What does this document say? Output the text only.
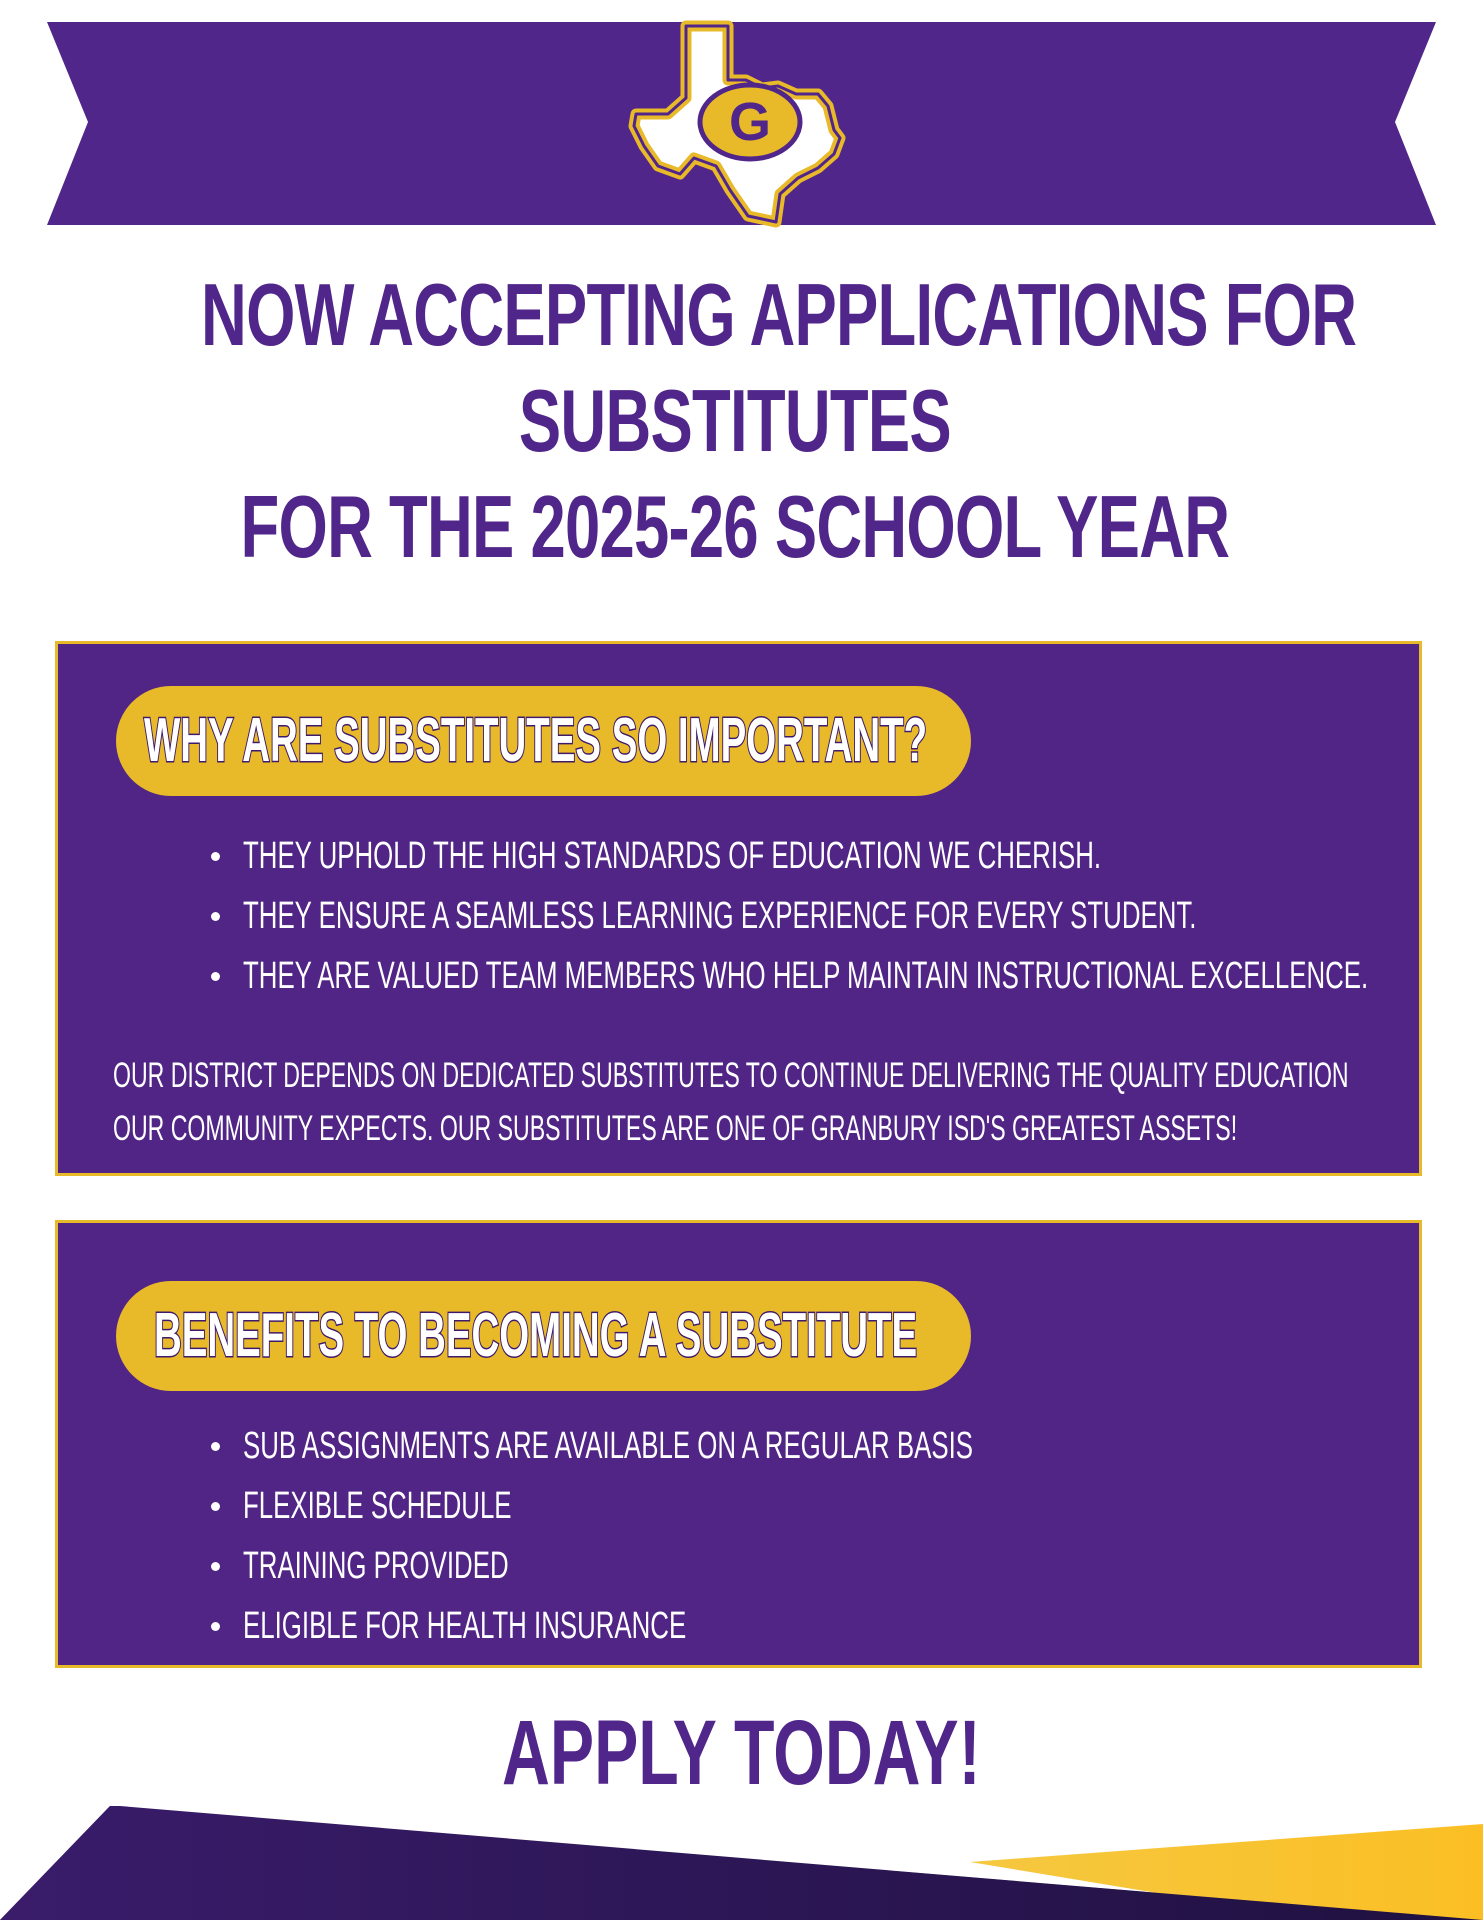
G
NOW ACCEPTING APPLICATIONS FOR
SUBSTITUTES
FOR THE 2025-26 SCHOOL YEAR
WHY ARE SUBSTITUTES SO IMPORTANT?
THEY UPHOLD THE HIGH STANDARDS OF EDUCATION WE CHERISH.
THEY ENSURE A SEAMLESS LEARNING EXPERIENCE FOR EVERY STUDENT.
THEY ARE VALUED TEAM MEMBERS WHO HELP MAINTAIN INSTRUCTIONAL EXCELLENCE.
OUR DISTRICT DEPENDS ON DEDICATED SUBSTITUTES TO CONTINUE DELIVERING THE QUALITY EDUCATION
OUR COMMUNITY EXPECTS. OUR SUBSTITUTES ARE ONE OF GRANBURY ISD'S GREATEST ASSETS!
BENEFITS TO BECOMING A SUBSTITUTE
SUB ASSIGNMENTS ARE AVAILABLE ON A REGULAR BASIS
FLEXIBLE SCHEDULE
TRAINING PROVIDED
ELIGIBLE FOR HEALTH INSURANCE
APPLY TODAY!
